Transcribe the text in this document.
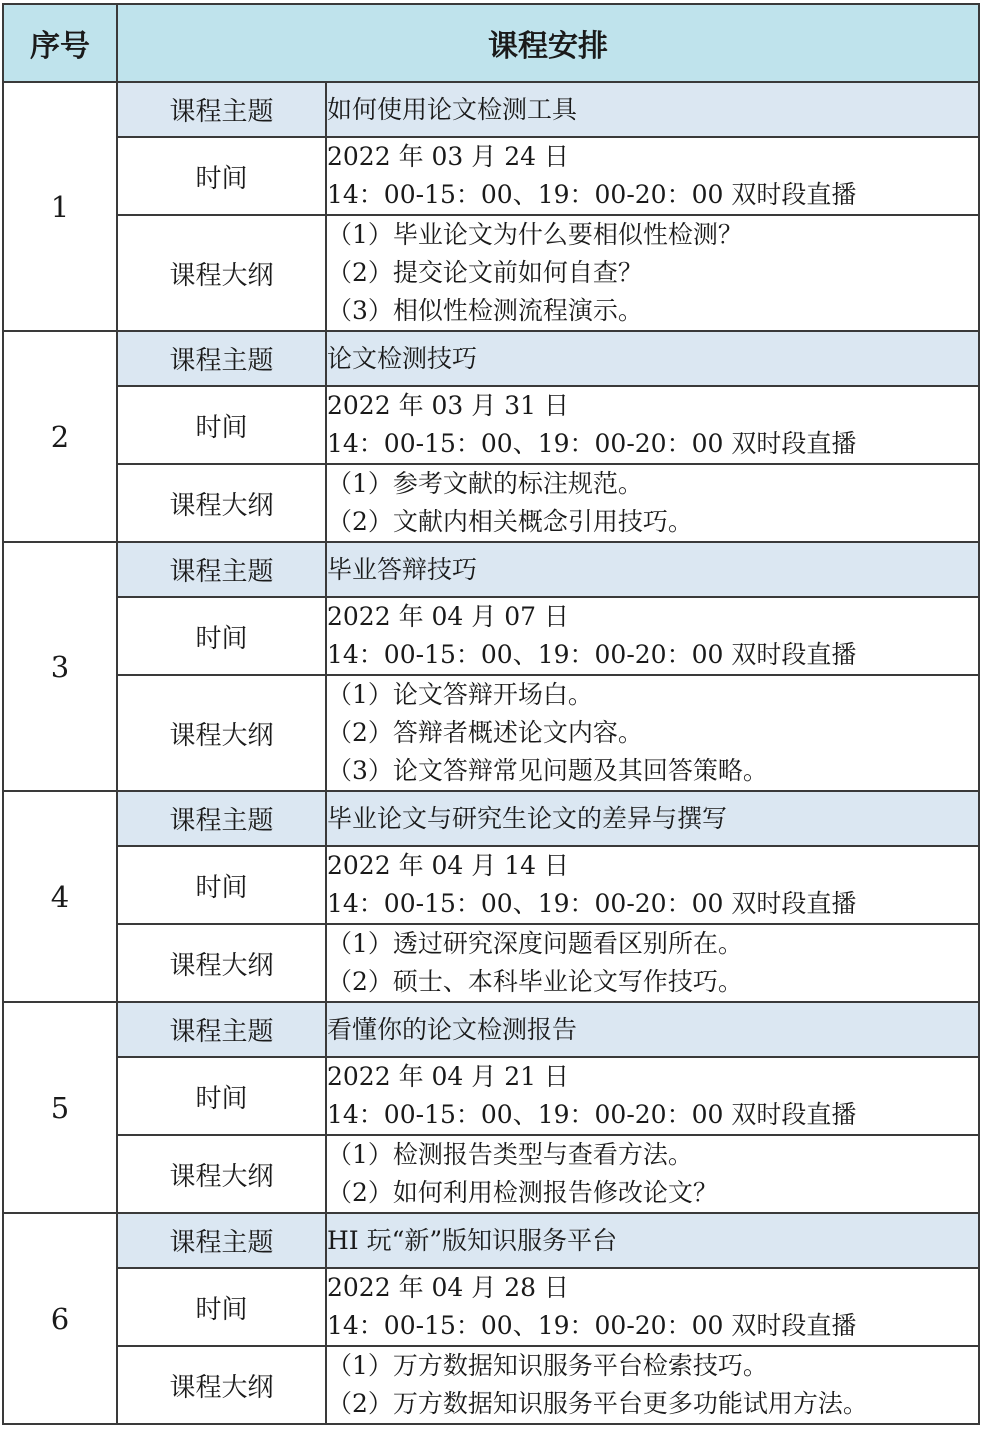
序号	课程安排	
1	课程主题	如何使用论文检测工具
	时间	2022 年 03 月 24 日
14：00-15：00、19：00-20：00 双时段直播

	课程大纲	（1）毕业论文为什么要相似性检测？
（2）提交论文前如何自查？
（3）相似性检测流程演示。

2	课程主题	论文检测技巧
	时间	2022 年 03 月 31 日
14：00-15：00、19：00-20：00 双时段直播

	课程大纲	（1）参考文献的标注规范。
（2）文献内相关概念引用技巧。

3	课程主题	毕业答辩技巧
	时间	2022 年 04 月 07 日
14：00-15：00、19：00-20：00 双时段直播

	课程大纲	（1）论文答辩开场白。
（2）答辩者概述论文内容。
（3）论文答辩常见问题及其回答策略。

4	课程主题	毕业论文与研究生论文的差异与撰写
	时间	2022 年 04 月 14 日
14：00-15：00、19：00-20：00 双时段直播

	课程大纲	（1）透过研究深度问题看区别所在。
（2）硕士、本科毕业论文写作技巧。

5	课程主题	看懂你的论文检测报告
	时间	2022 年 04 月 21 日
14：00-15：00、19：00-20：00 双时段直播

	课程大纲	（1）检测报告类型与查看方法。
（2）如何利用检测报告修改论文？

6	课程主题	HI 玩“新”版知识服务平台
	时间	2022 年 04 月 28 日
14：00-15：00、19：00-20：00 双时段直播

	课程大纲	（1）万方数据知识服务平台检索技巧。
（2）万方数据知识服务平台更多功能试用方法。
